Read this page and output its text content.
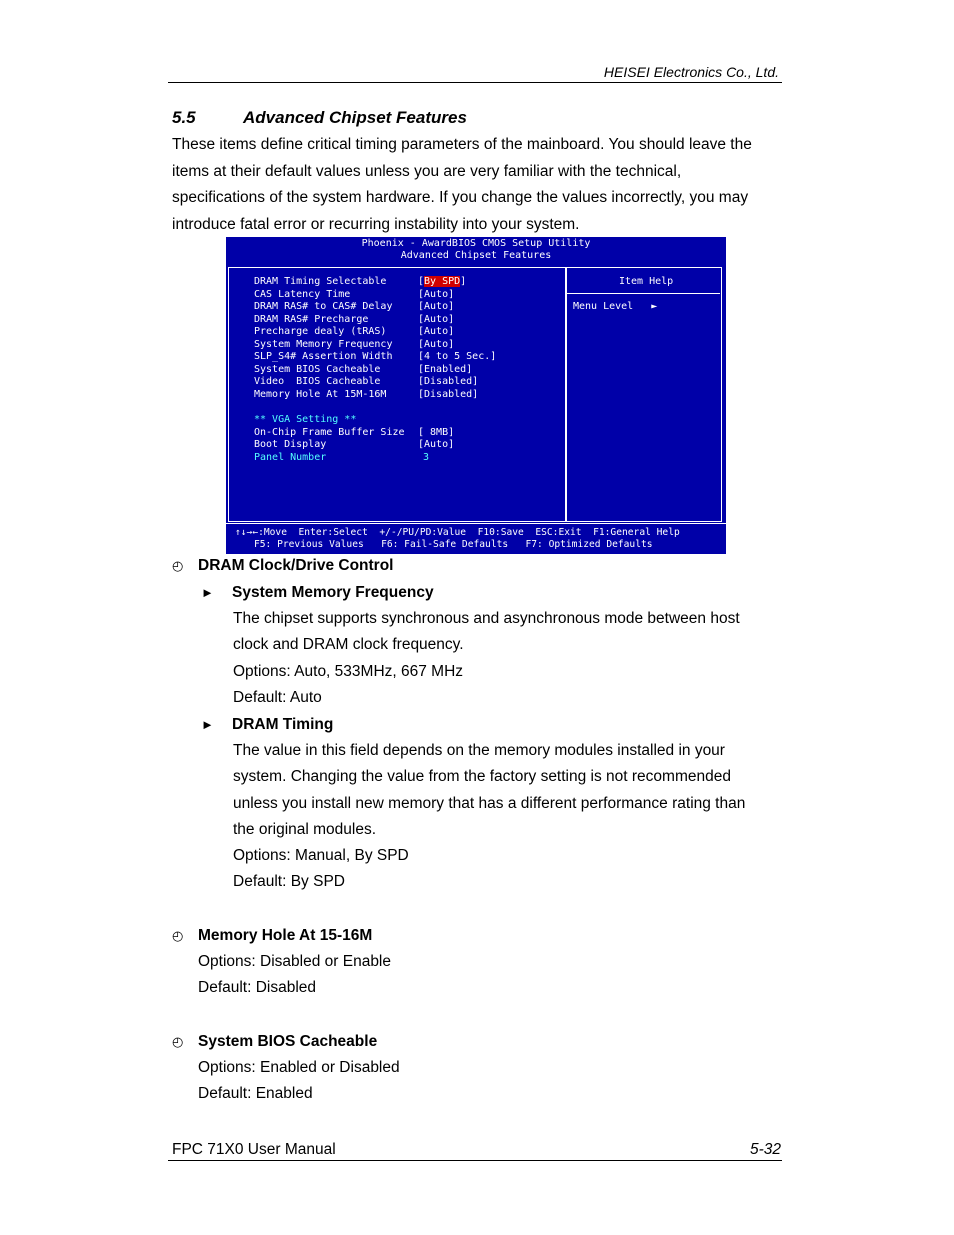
HEISEI Electronics Co., Ltd.
5.5	Advanced Chipset Features
These items define critical timing parameters of the mainboard. You should leave the
items at their default values unless you are very familiar with the technical,
specifications of the system hardware. If you change the values incorrectly, you may
introduce fatal error or recurring instability into your system.
Phoenix - AwardBIOS CMOS Setup Utility
Advanced Chipset Features
Item Help
Menu Level ►
DRAM Timing Selectable	[By SPD]
CAS Latency Time	[Auto]
DRAM RAS# to CAS# Delay	[Auto]
DRAM RAS# Precharge	[Auto]
Precharge dealy (tRAS)	[Auto]
System Memory Frequency	[Auto]
SLP_S4# Assertion Width	[4 to 5 Sec.]
System BIOS Cacheable	[Enabled]
Video  BIOS Cacheable	[Disabled]
Memory Hole At 15M-16M	[Disabled]
** VGA Setting **
On-Chip Frame Buffer Size [ 8MB]
Boot Display	[Auto]
Panel Number	3
↑↓→←:Move  Enter:Select  +/-/PU/PD:Value  F10:Save  ESC:Exit  F1:General Help
F5: Previous Values   F6: Fail-Safe Defaults   F7: Optimized Defaults
◴ DRAM Clock/Drive Control
► System Memory Frequency
The chipset supports synchronous and asynchronous mode between host
clock and DRAM clock frequency.
Options: Auto, 533MHz, 667 MHz
Default: Auto
► DRAM Timing
The value in this field depends on the memory modules installed in your
system. Changing the value from the factory setting is not recommended
unless you install new memory that has a different performance rating than
the original modules.
Options: Manual, By SPD
Default: By SPD
◴ Memory Hole At 15-16M
Options: Disabled or Enable
Default: Disabled
◴ System BIOS Cacheable
Options: Enabled or Disabled
Default: Enabled
FPC 71X0 User Manual	5-32
